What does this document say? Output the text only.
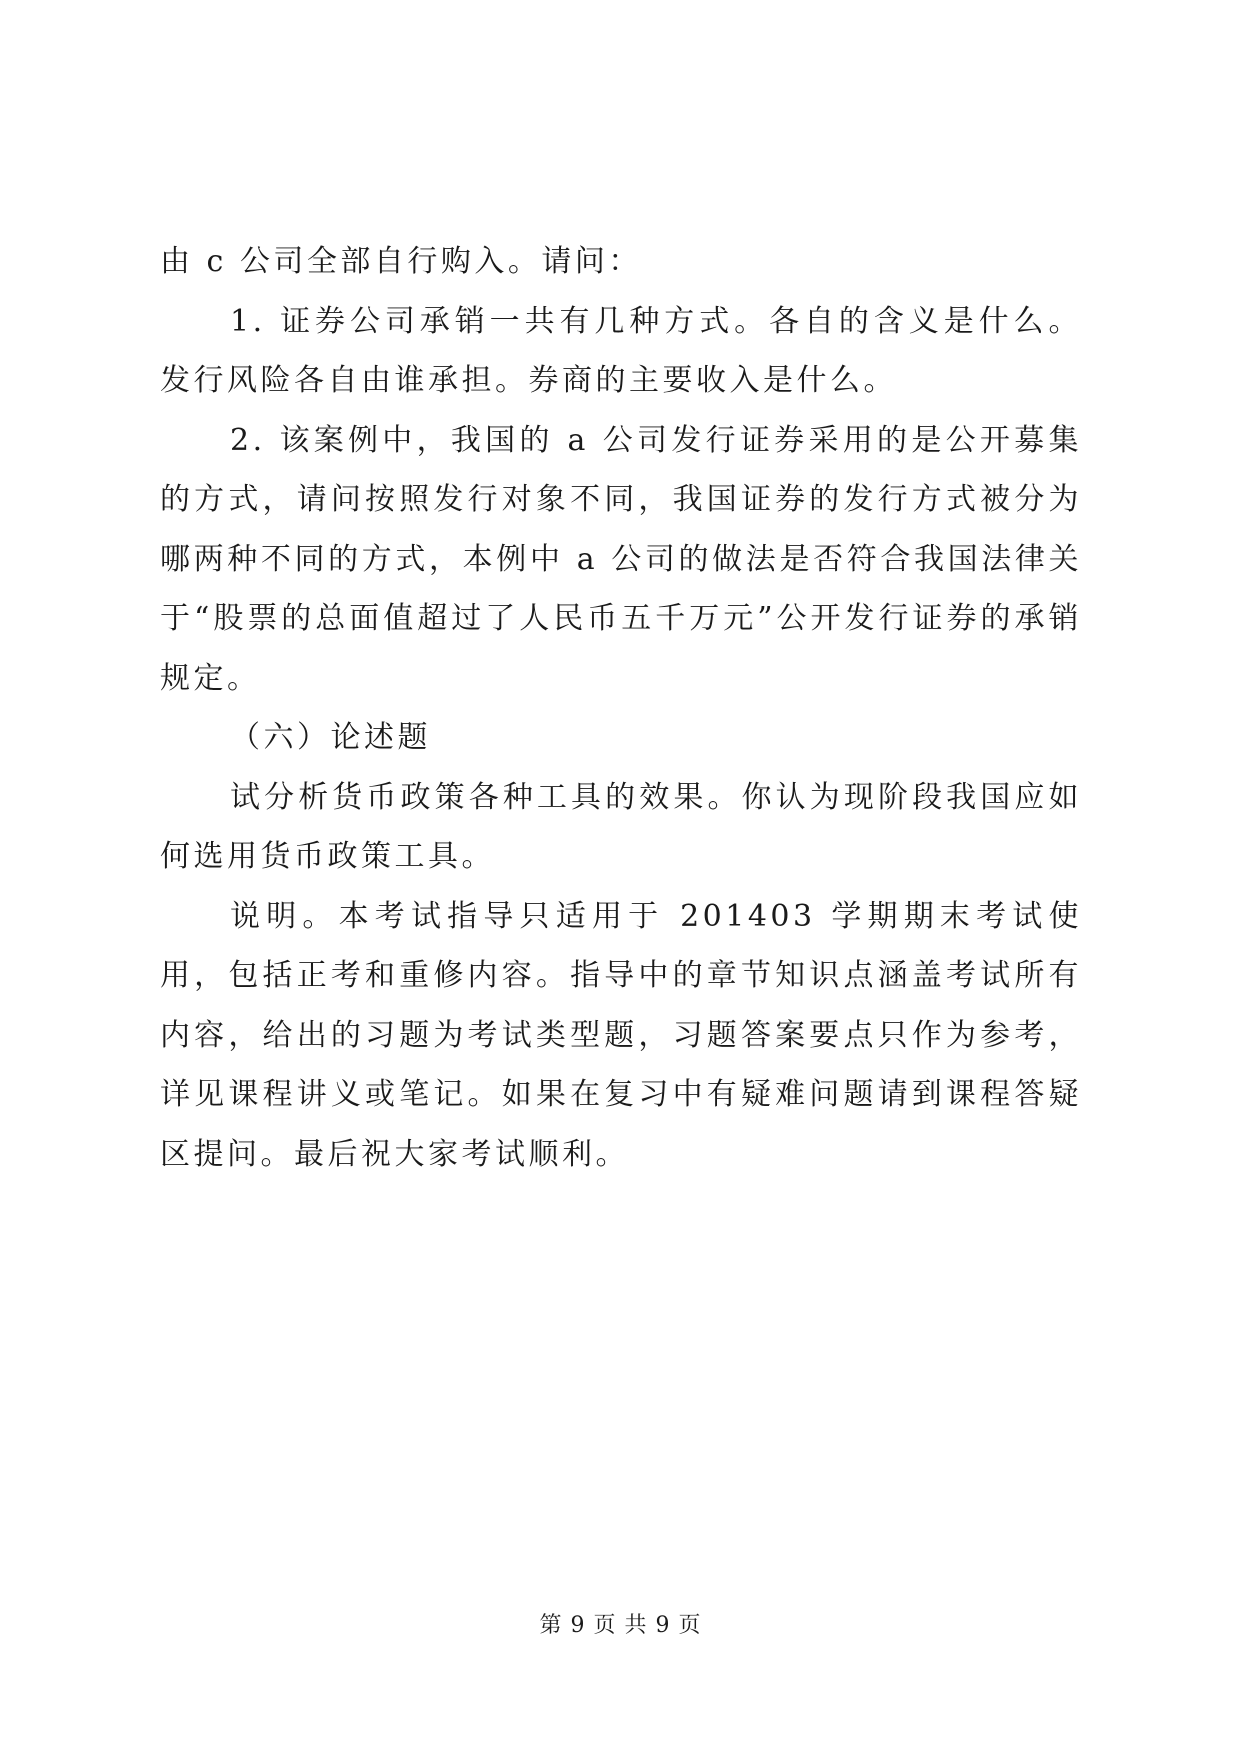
由 c 公司全部自行购入。请问：

1. 证券公司承销一共有几种方式。各自的含义是什么。发行风险各自由谁承担。券商的主要收入是什么。

2. 该案例中，我国的 a 公司发行证券采用的是公开募集的方式，请问按照发行对象不同，我国证券的发行方式被分为哪两种不同的方式，本例中 a 公司的做法是否符合我国法律关于“股票的总面值超过了人民币五千万元”公开发行证券的承销规定。

（六）论述题

试分析货币政策各种工具的效果。你认为现阶段我国应如何选用货币政策工具。

说明。本考试指导只适用于 201403 学期期末考试使用，包括正考和重修内容。指导中的章节知识点涵盖考试所有内容，给出的习题为考试类型题，习题答案要点只作为参考，详见课程讲义或笔记。如果在复习中有疑难问题请到课程答疑区提问。最后祝大家考试顺利。

第 9 页 共 9 页
